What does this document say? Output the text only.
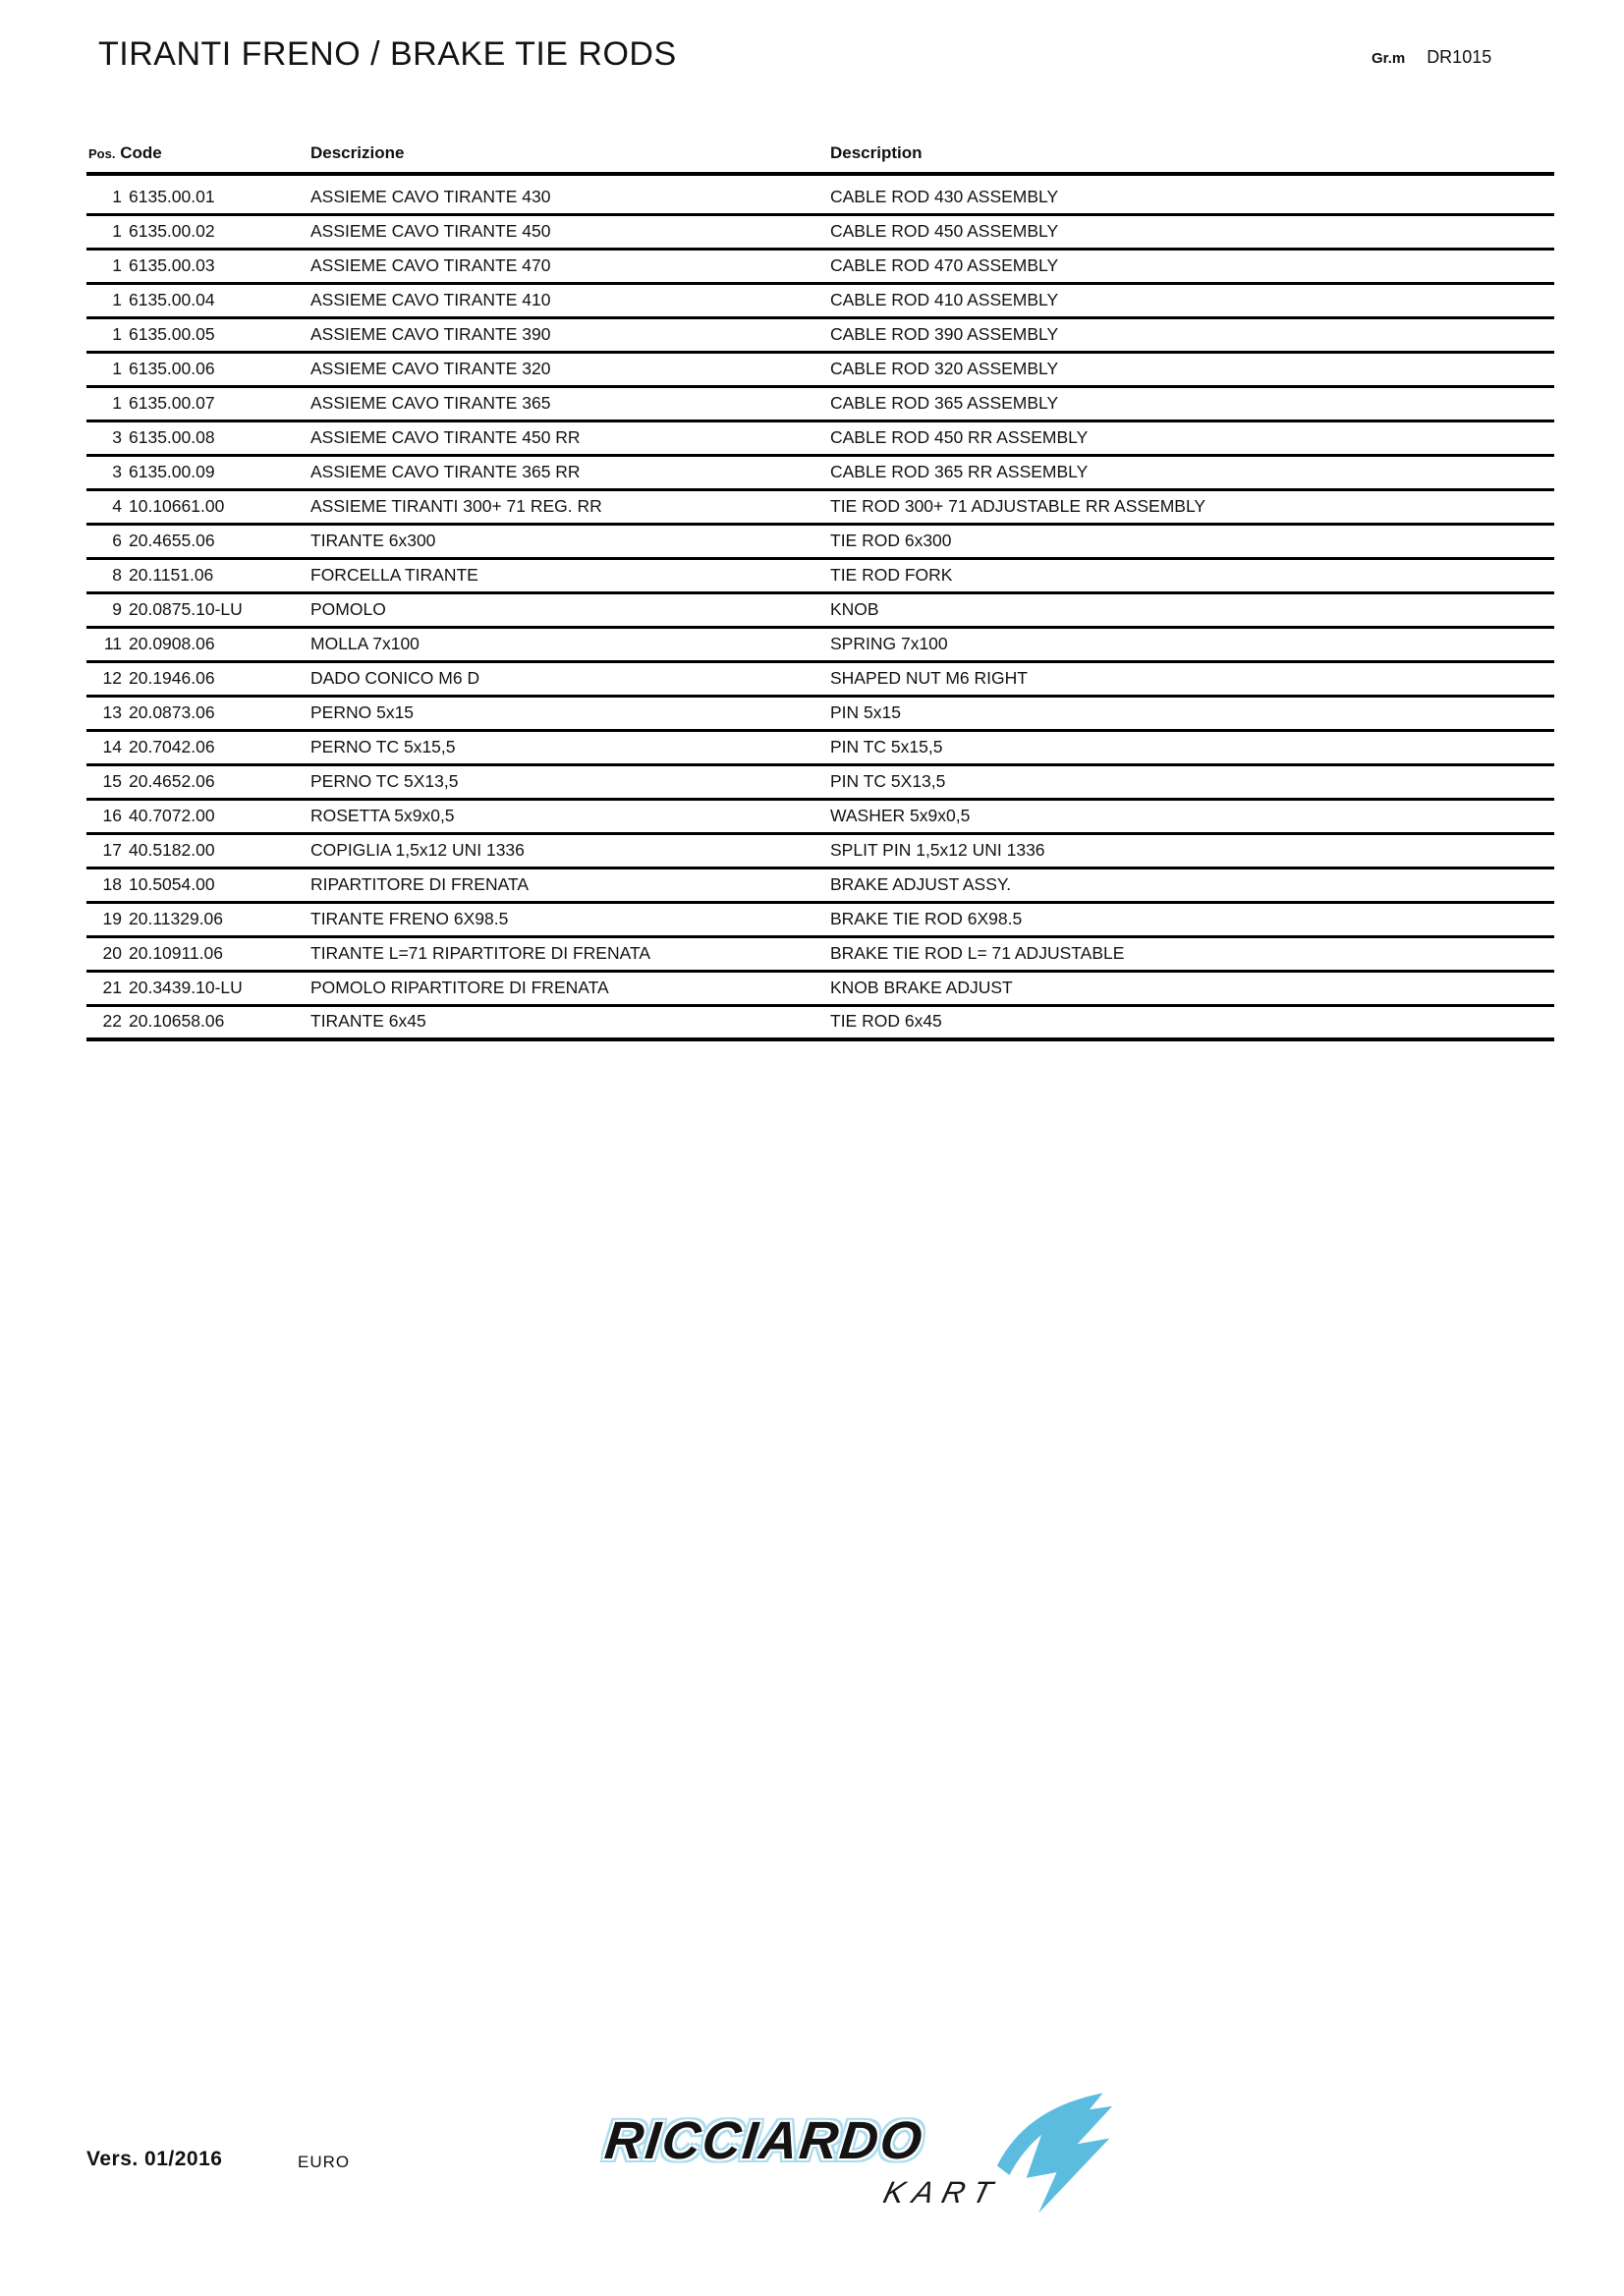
TIRANTI FRENO / BRAKE TIE RODS	Gr.m DR1015
Pos. Code	Descrizione	Description
1 6135.00.01	ASSIEME CAVO TIRANTE 430	CABLE ROD 430 ASSEMBLY
1 6135.00.02	ASSIEME CAVO TIRANTE 450	CABLE ROD 450 ASSEMBLY
1 6135.00.03	ASSIEME CAVO TIRANTE 470	CABLE ROD 470 ASSEMBLY
1 6135.00.04	ASSIEME CAVO TIRANTE 410	CABLE ROD 410 ASSEMBLY
1 6135.00.05	ASSIEME CAVO TIRANTE 390	CABLE ROD 390 ASSEMBLY
1 6135.00.06	ASSIEME CAVO TIRANTE 320	CABLE ROD 320 ASSEMBLY
1 6135.00.07	ASSIEME CAVO TIRANTE 365	CABLE ROD 365 ASSEMBLY
3 6135.00.08	ASSIEME CAVO TIRANTE 450 RR	CABLE ROD 450 RR ASSEMBLY
3 6135.00.09	ASSIEME CAVO TIRANTE 365 RR	CABLE ROD 365 RR ASSEMBLY
4 10.10661.00	ASSIEME TIRANTI 300+ 71 REG. RR	TIE ROD 300+ 71 ADJUSTABLE RR ASSEMBLY
6 20.4655.06	TIRANTE 6x300	TIE ROD 6x300
8 20.1151.06	FORCELLA TIRANTE	TIE ROD FORK
9 20.0875.10-LU	POMOLO	KNOB
11 20.0908.06	MOLLA 7x100	SPRING 7x100
12 20.1946.06	DADO CONICO M6 D	SHAPED NUT M6 RIGHT
13 20.0873.06	PERNO 5x15	PIN 5x15
14 20.7042.06	PERNO TC 5x15,5	PIN TC 5x15,5
15 20.4652.06	PERNO TC 5X13,5	PIN TC 5X13,5
16 40.7072.00	ROSETTA 5x9x0,5	WASHER 5x9x0,5
17 40.5182.00	COPIGLIA 1,5x12 UNI 1336	SPLIT PIN 1,5x12 UNI 1336
18 10.5054.00	RIPARTITORE DI FRENATA	BRAKE ADJUST ASSY.
19 20.11329.06	TIRANTE FRENO 6X98.5	BRAKE TIE ROD 6X98.5
20 20.10911.06	TIRANTE L=71 RIPARTITORE DI FRENATA	BRAKE TIE ROD L= 71 ADJUSTABLE
21 20.3439.10-LU	POMOLO RIPARTITORE DI FRENATA	KNOB BRAKE ADJUST
22 20.10658.06	TIRANTE 6x45	TIE ROD 6x45
Vers. 01/2016	EURO	RICCIARDO
KART
